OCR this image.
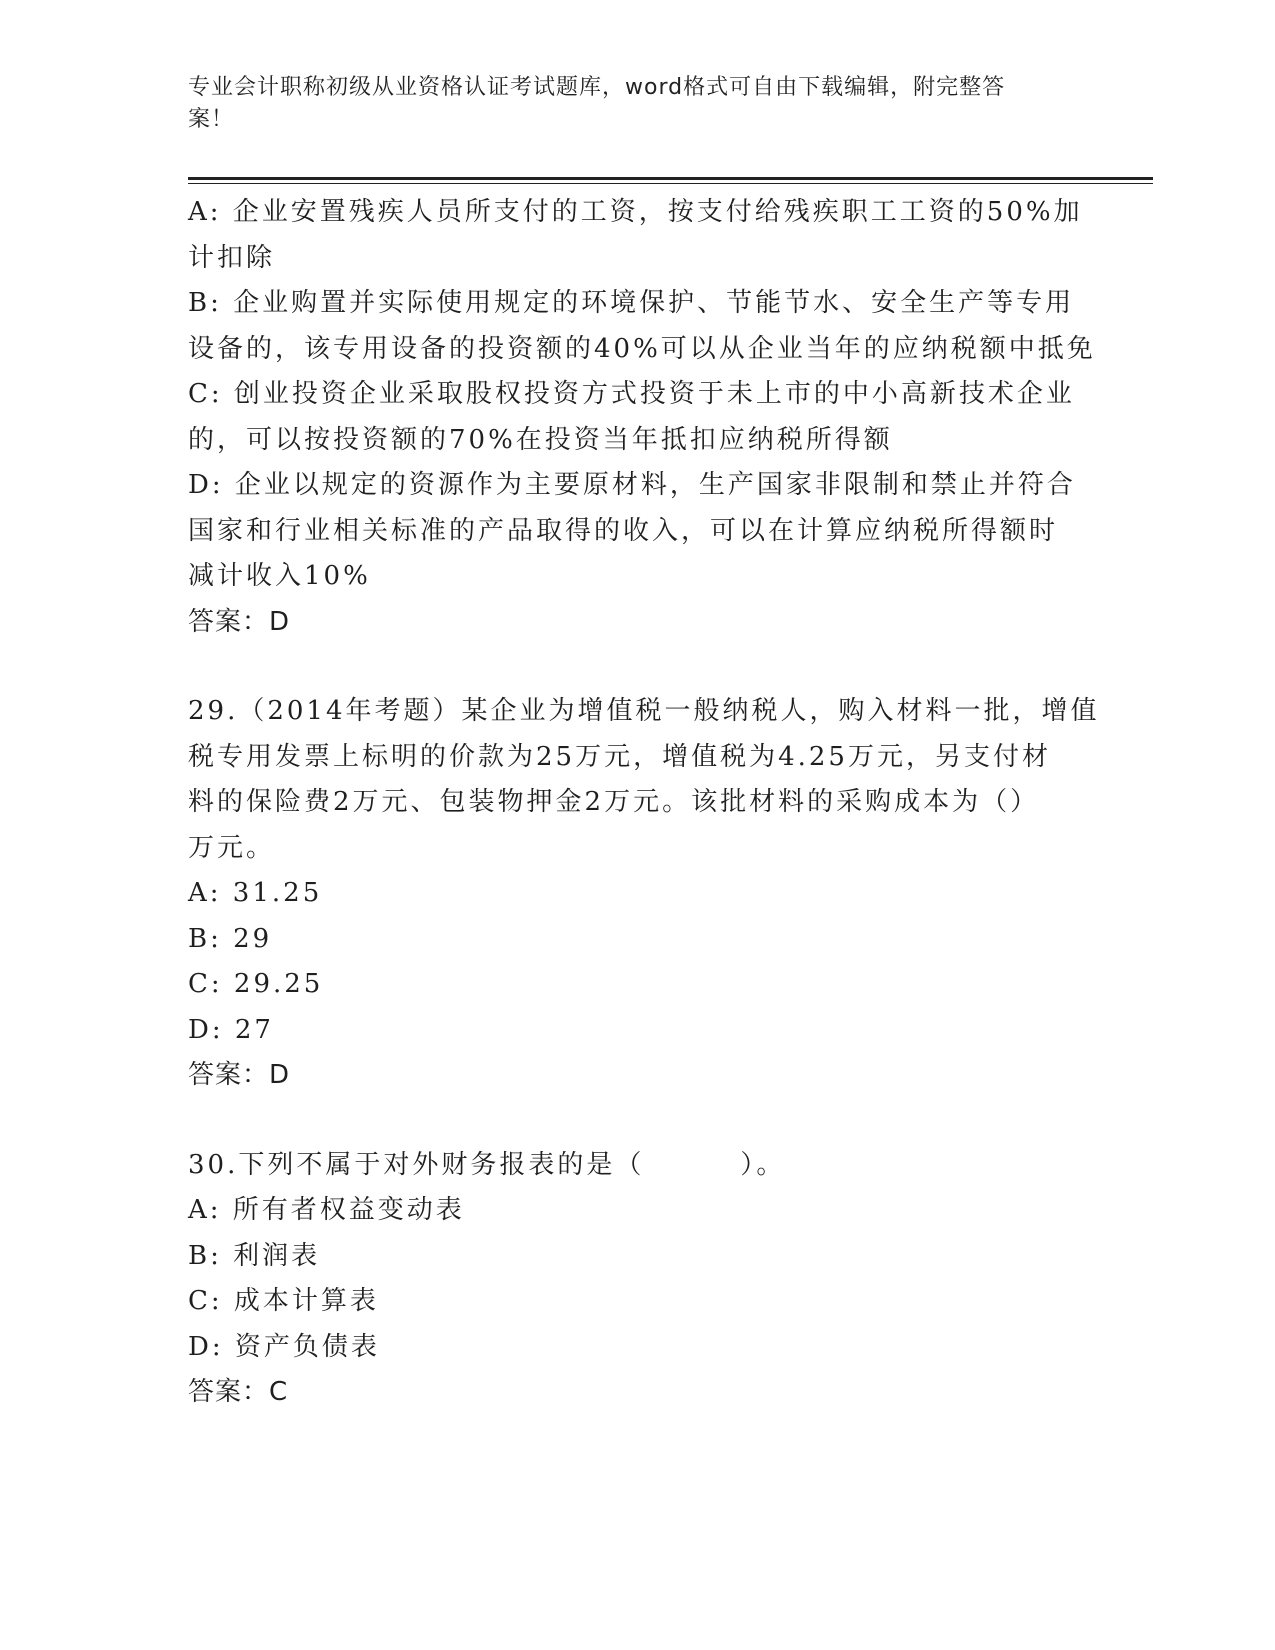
专业会计职称初级从业资格认证考试题库，word格式可自由下载编辑，附完整答
案！
A: 企业安置残疾人员所支付的工资，按支付给残疾职工工资的50%加
计扣除
B: 企业购置并实际使用规定的环境保护、节能节水、安全生产等专用
设备的，该专用设备的投资额的40%可以从企业当年的应纳税额中抵免
C: 创业投资企业采取股权投资方式投资于未上市的中小高新技术企业
的，可以按投资额的70%在投资当年抵扣应纳税所得额
D: 企业以规定的资源作为主要原材料，生产国家非限制和禁止并符合
国家和行业相关标准的产品取得的收入，可以在计算应纳税所得额时
减计收入10%
答案：D
29.（2014年考题）某企业为增值税一般纳税人，购入材料一批，增值
税专用发票上标明的价款为25万元，增值税为4.25万元，另支付材
料的保险费2万元、包装物押金2万元。该批材料的采购成本为（）
万元。
A: 31.25
B: 29
C: 29.25
D: 27
答案：D
30.下列不属于对外财务报表的是（	）。
A: 所有者权益变动表
B: 利润表
C: 成本计算表
D: 资产负债表
答案：C
